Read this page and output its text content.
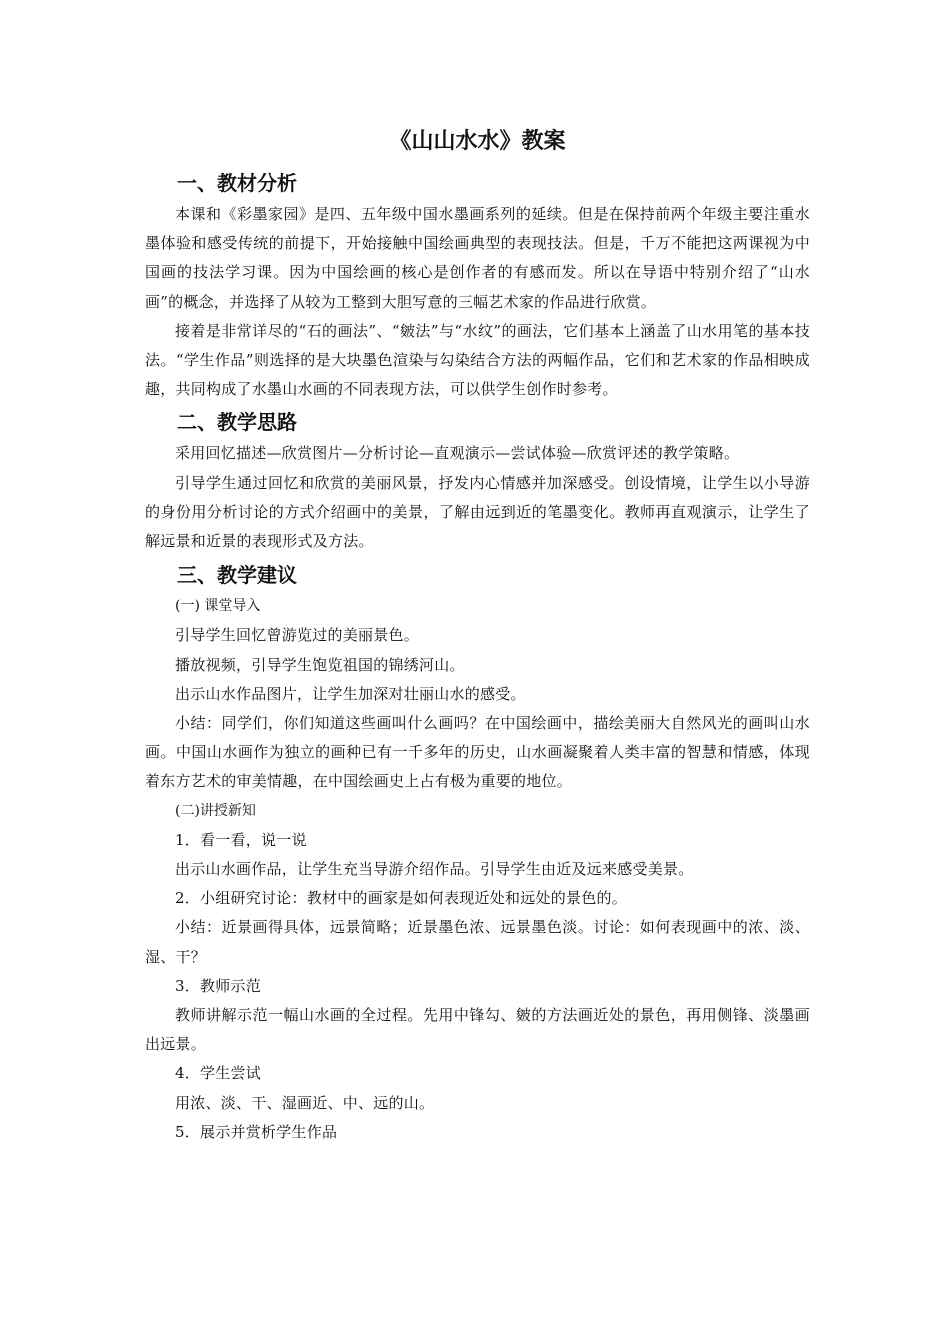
《山山水水》教案
一、教材分析

本课和《彩墨家园》是四、五年级中国水墨画系列的延续。但是在保持前两个年级主要注重水墨体验和感受传统的前提下，开始接触中国绘画典型的表现技法。但是，千万不能把这两课视为中国画的技法学习课。因为中国绘画的核心是创作者的有感而发。所以在导语中特别介绍了“山水画”的概念，并选择了从较为工整到大胆写意的三幅艺术家的作品进行欣赏。

接着是非常详尽的“石的画法”、“皴法”与“水纹”的画法，它们基本上涵盖了山水用笔的基本技法。“学生作品”则选择的是大块墨色渲染与勾染结合方法的两幅作品，它们和艺术家的作品相映成趣，共同构成了水墨山水画的不同表现方法，可以供学生创作时参考。

二、教学思路

采用回忆描述—欣赏图片—分析讨论—直观演示—尝试体验—欣赏评述的教学策略。

引导学生通过回忆和欣赏的美丽风景，抒发内心情感并加深感受。创设情境，让学生以小导游的身份用分析讨论的方式介绍画中的美景，了解由远到近的笔墨变化。教师再直观演示，让学生了解远景和近景的表现形式及方法。

三、教学建议

(一) 课堂导入

引导学生回忆曾游览过的美丽景色。

播放视频，引导学生饱览祖国的锦绣河山。

出示山水作品图片，让学生加深对壮丽山水的感受。

小结：同学们，你们知道这些画叫什么画吗？在中国绘画中，描绘美丽大自然风光的画叫山水画。中国山水画作为独立的画种已有一千多年的历史，山水画凝聚着人类丰富的智慧和情感，体现着东方艺术的审美情趣，在中国绘画史上占有极为重要的地位。

(二)讲授新知

1．看一看，说一说

出示山水画作品，让学生充当导游介绍作品。引导学生由近及远来感受美景。

2．小组研究讨论：教材中的画家是如何表现近处和远处的景色的。

小结：近景画得具体，远景简略；近景墨色浓、远景墨色淡。讨论：如何表现画中的浓、淡、湿、干？

3．教师示范

教师讲解示范一幅山水画的全过程。先用中锋勾、皴的方法画近处的景色，再用侧锋、淡墨画出远景。

4．学生尝试

用浓、淡、干、湿画近、中、远的山。

5．展示并赏析学生作品
